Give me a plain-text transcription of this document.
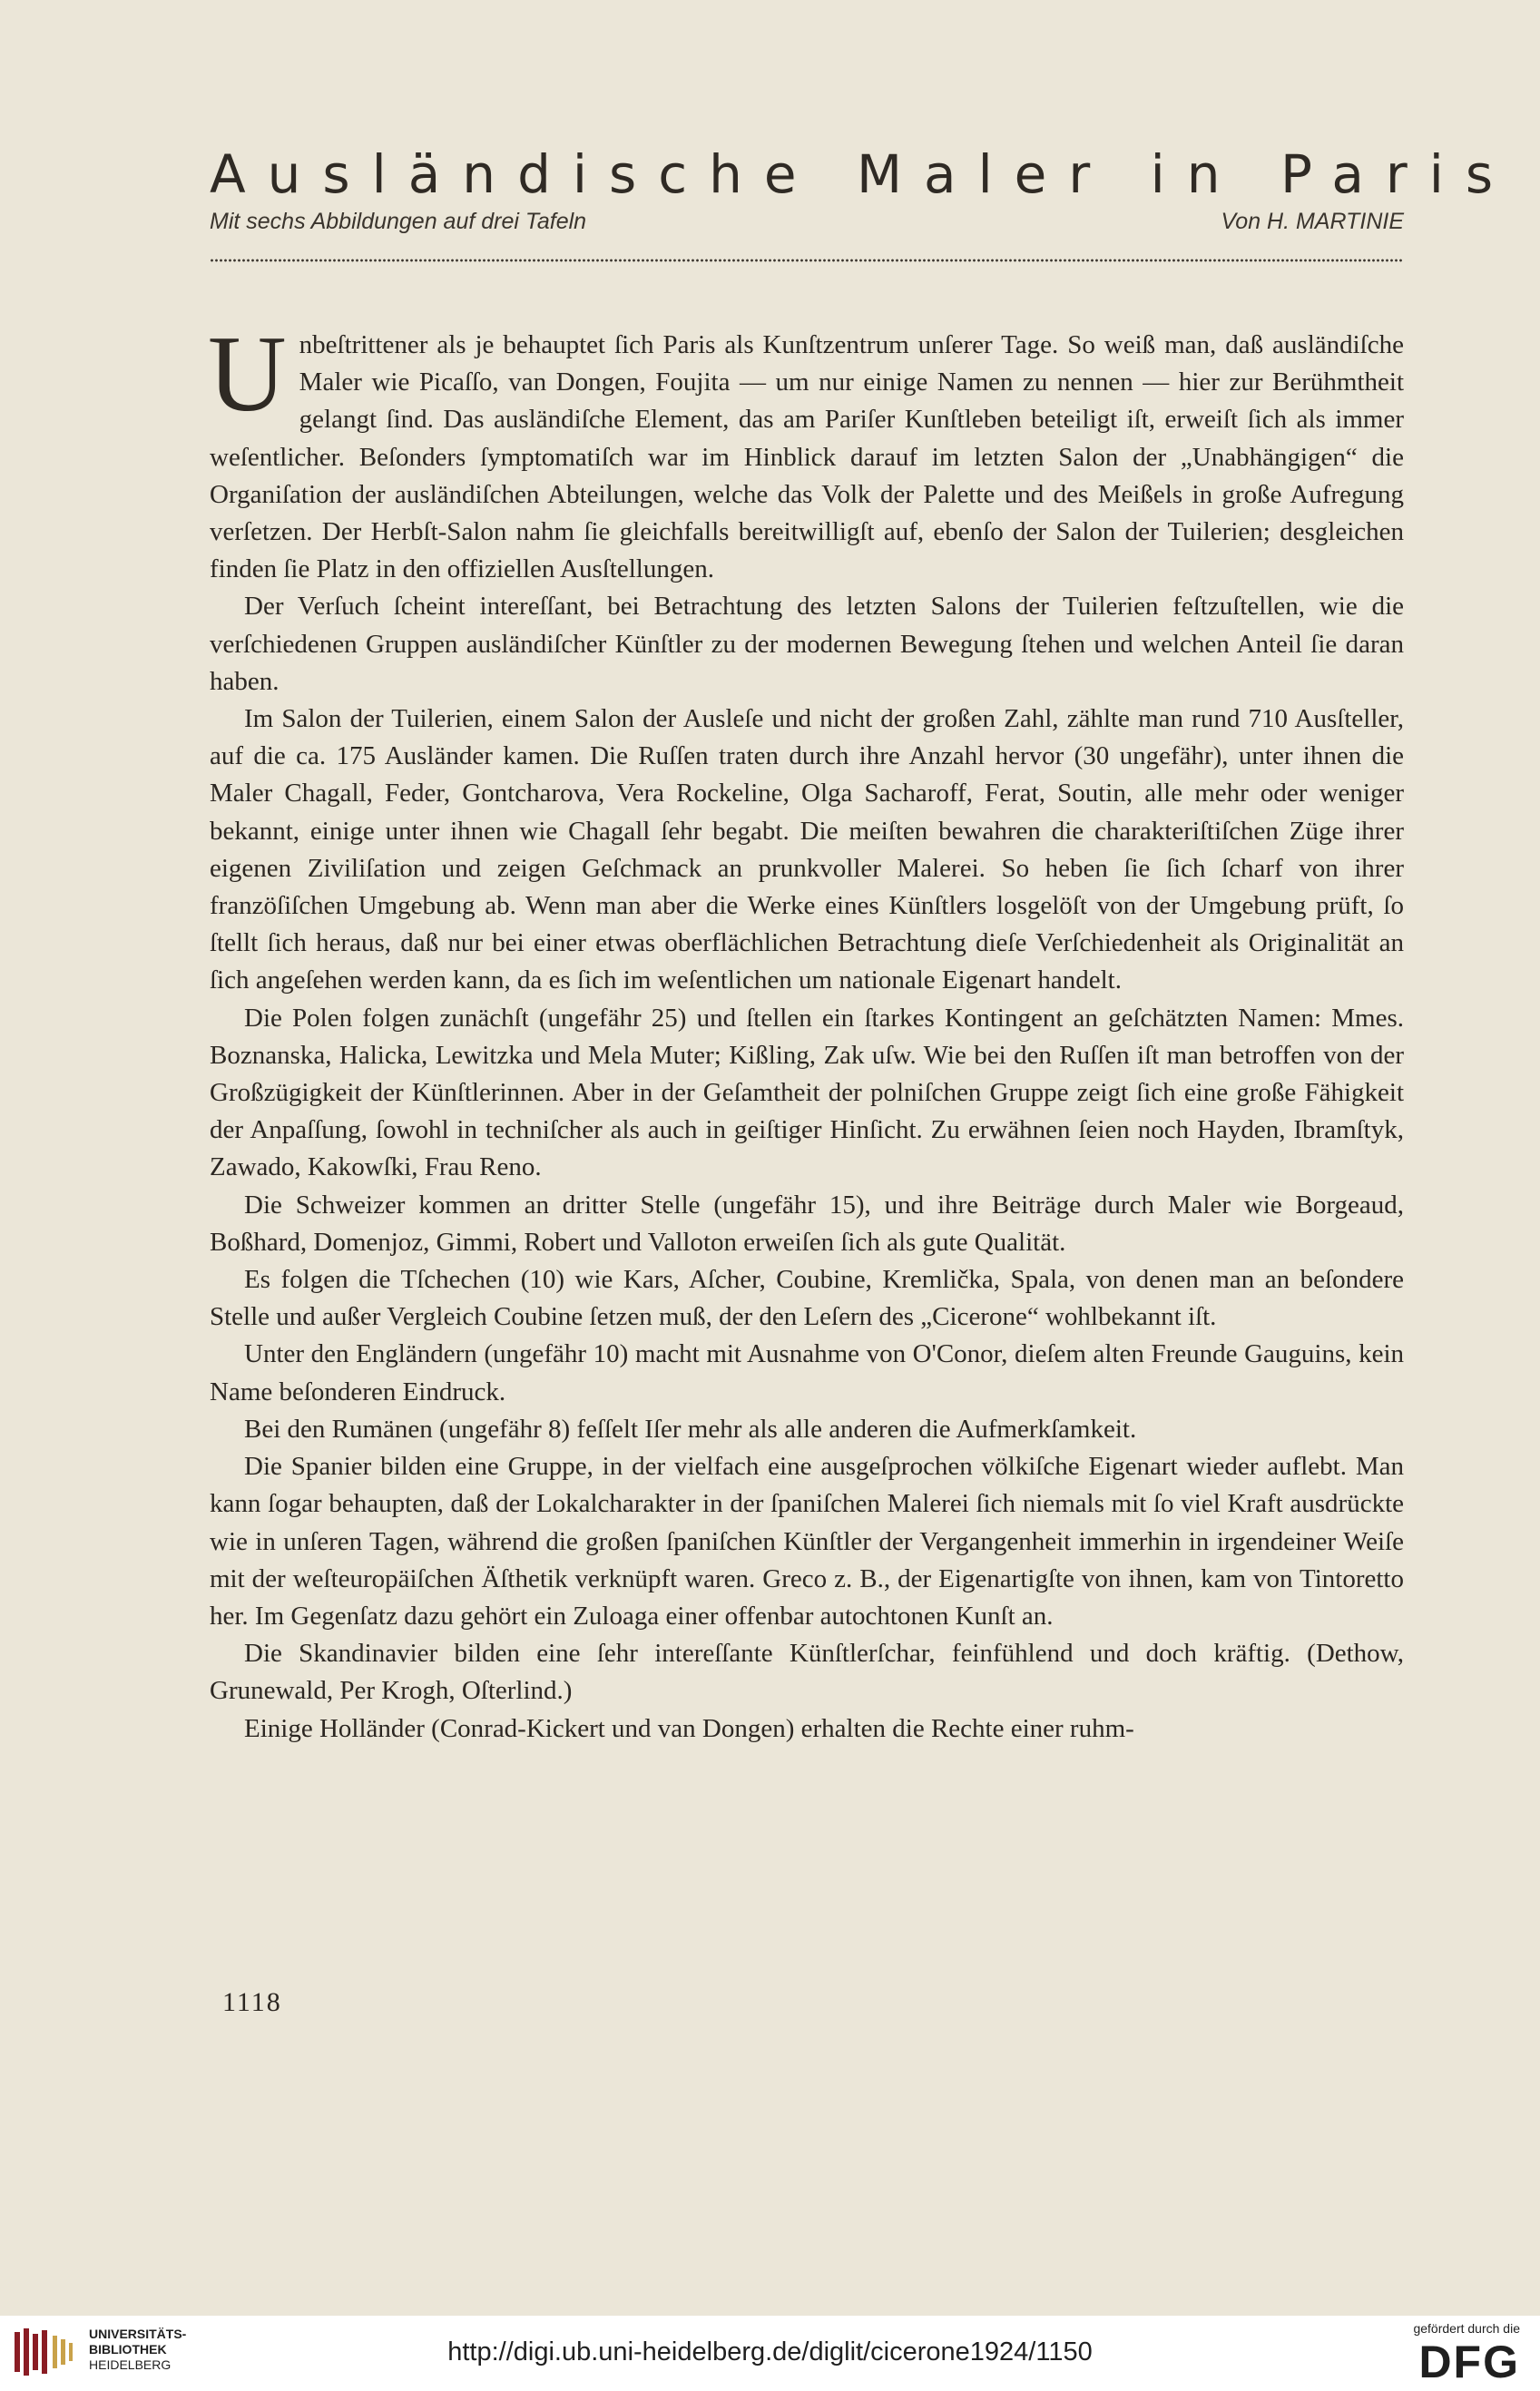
Ausländische Maler in Paris
Mit sechs Abbildungen auf drei Tafeln	Von H. MARTINIE

Unbeſtrittener als je behauptet ſich Paris als Kunſtzentrum unſerer Tage. So weiß man, daß ausländiſche Maler wie Picaſſo, van Dongen, Foujita — um nur einige Namen zu nennen — hier zur Berühmtheit gelangt ſind. Das ausländiſche Element, das am Pariſer Kunſtleben beteiligt iſt, erweiſt ſich als immer weſentlicher. Beſonders ſymptomatiſch war im Hinblick darauf im letzten Salon der „Unabhängigen“ die Organiſation der ausländiſchen Abteilungen, welche das Volk der Palette und des Meißels in große Aufregung verſetzen. Der Herbſt-Salon nahm ſie gleichfalls bereitwilligſt auf, ebenſo der Salon der Tuilerien; desgleichen finden ſie Platz in den offiziellen Ausſtellungen.

Der Verſuch ſcheint intereſſant, bei Betrachtung des letzten Salons der Tuilerien feſtzuſtellen, wie die verſchiedenen Gruppen ausländiſcher Künſtler zu der modernen Bewegung ſtehen und welchen Anteil ſie daran haben.

Im Salon der Tuilerien, einem Salon der Ausleſe und nicht der großen Zahl, zählte man rund 710 Ausſteller, auf die ca. 175 Ausländer kamen. Die Ruſſen traten durch ihre Anzahl hervor (30 ungefähr), unter ihnen die Maler Chagall, Feder, Gontcharova, Vera Rockeline, Olga Sacharoff, Ferat, Soutin, alle mehr oder weniger bekannt, einige unter ihnen wie Chagall ſehr begabt. Die meiſten bewahren die charakteriſtiſchen Züge ihrer eigenen Ziviliſation und zeigen Geſchmack an prunkvoller Malerei. So heben ſie ſich ſcharf von ihrer franzöſiſchen Umgebung ab. Wenn man aber die Werke eines Künſtlers losgelöſt von der Umgebung prüft, ſo ſtellt ſich heraus, daß nur bei einer etwas oberflächlichen Betrachtung dieſe Verſchiedenheit als Originalität an ſich angeſehen werden kann, da es ſich im weſentlichen um nationale Eigenart handelt.

Die Polen folgen zunächſt (ungefähr 25) und ſtellen ein ſtarkes Kontingent an geſchätzten Namen: Mmes. Boznanska, Halicka, Lewitzka und Mela Muter; Kißling, Zak uſw. Wie bei den Ruſſen iſt man betroffen von der Großzügigkeit der Künſtlerinnen. Aber in der Geſamtheit der polniſchen Gruppe zeigt ſich eine große Fähigkeit der Anpaſſung, ſowohl in techniſcher als auch in geiſtiger Hinſicht. Zu erwähnen ſeien noch Hayden, Ibramſtyk, Zawado, Kakowſki, Frau Reno.

Die Schweizer kommen an dritter Stelle (ungefähr 15), und ihre Beiträge durch Maler wie Borgeaud, Boßhard, Domenjoz, Gimmi, Robert und Valloton erweiſen ſich als gute Qualität.

Es folgen die Tſchechen (10) wie Kars, Aſcher, Coubine, Kremlička, Spala, von denen man an beſondere Stelle und außer Vergleich Coubine ſetzen muß, der den Leſern des „Cicerone“ wohlbekannt iſt.

Unter den Engländern (ungefähr 10) macht mit Ausnahme von O'Conor, dieſem alten Freunde Gauguins, kein Name beſonderen Eindruck.

Bei den Rumänen (ungefähr 8) feſſelt Iſer mehr als alle anderen die Aufmerkſamkeit.

Die Spanier bilden eine Gruppe, in der vielfach eine ausgeſprochen völkiſche Eigenart wieder auflebt. Man kann ſogar behaupten, daß der Lokalcharakter in der ſpaniſchen Malerei ſich niemals mit ſo viel Kraft ausdrückte wie in unſeren Tagen, während die großen ſpaniſchen Künſtler der Vergangenheit immerhin in irgendeiner Weiſe mit der weſteuropäiſchen Äſthetik verknüpft waren. Greco z. B., der Eigenartigſte von ihnen, kam von Tintoretto her. Im Gegenſatz dazu gehört ein Zuloaga einer offenbar autochtonen Kunſt an.

Die Skandinavier bilden eine ſehr intereſſante Künſtlerſchar, feinfühlend und doch kräftig. (Dethow, Grunewald, Per Krogh, Oſterlind.)

Einige Holländer (Conrad-Kickert und van Dongen) erhalten die Rechte einer ruhm-

1118
UNIVERSITÄTS-
BIBLIOTHEK
HEIDELBERG	http://digi.ub.uni-heidelberg.de/diglit/cicerone1924/1150
gefördert durch die
DFG
